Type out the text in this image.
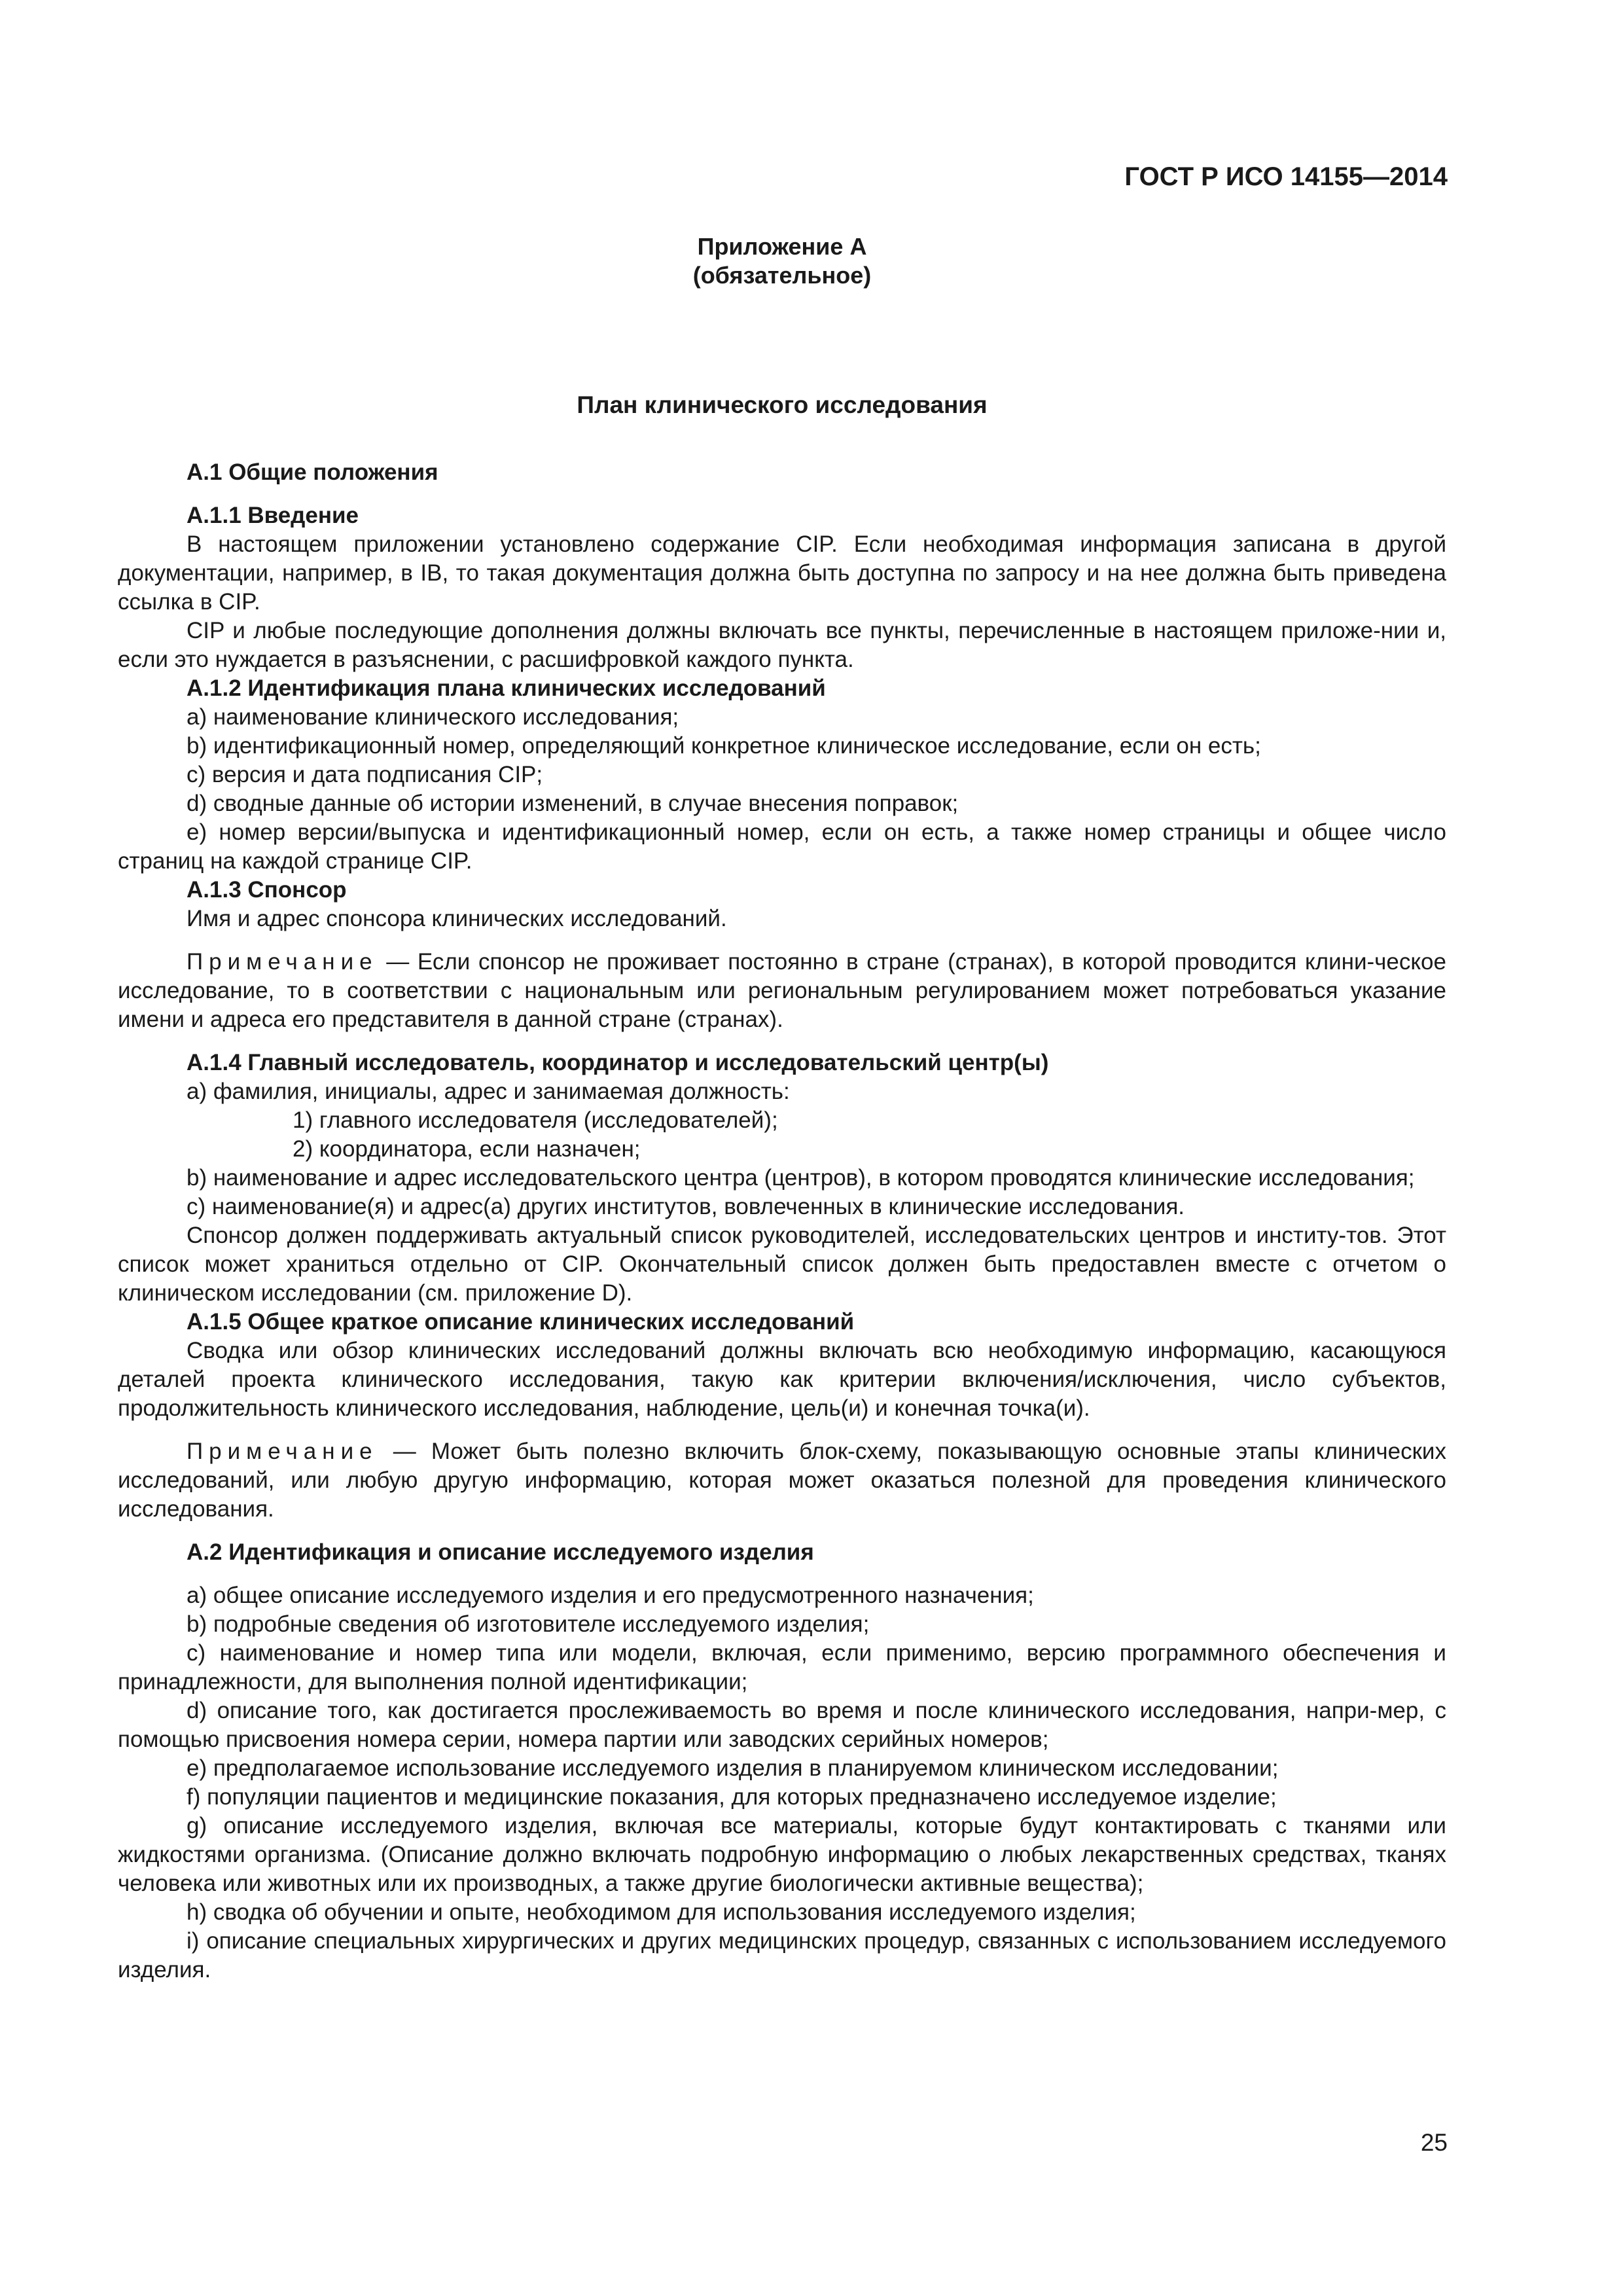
ГОСТ Р ИСО 14155—2014
Приложение А
(обязательное)
План клинического исследования

А.1 Общие положения

А.1.1 Введение

В настоящем приложении установлено содержание CIP. Если необходимая информация записана в другой документации, например, в IB, то такая документация должна быть доступна по запросу и на нее должна быть приведена ссылка в CIP.

CIP и любые последующие дополнения должны включать все пункты, перечисленные в настоящем приложе-нии и, если это нуждается в разъяснении, с расшифровкой каждого пункта.

А.1.2 Идентификация плана клинических исследований

а) наименование клинического исследования;

b) идентификационный номер, определяющий конкретное клиническое исследование, если он есть;

с) версия и дата подписания CIP;

d) сводные данные об истории изменений, в случае внесения поправок;

е) номер версии/выпуска и идентификационный номер, если он есть, а также номер страницы и общее число страниц на каждой странице CIP.

А.1.3 Спонсор

Имя и адрес спонсора клинических исследований.

Примечание — Если спонсор не проживает постоянно в стране (странах), в которой проводится клини-ческое исследование, то в соответствии с национальным или региональным регулированием может потребоваться указание имени и адреса его представителя в данной стране (странах).

А.1.4 Главный исследователь, координатор и исследовательский центр(ы)

а) фамилия, инициалы, адрес и занимаемая должность:

1) главного исследователя (исследователей);

2) координатора, если назначен;

b) наименование и адрес исследовательского центра (центров), в котором проводятся клинические исследования;

с) наименование(я) и адрес(а) других институтов, вовлеченных в клинические исследования.

Спонсор должен поддерживать актуальный список руководителей, исследовательских центров и институ-тов. Этот список может храниться отдельно от CIP. Окончательный список должен быть предоставлен вместе с отчетом о клиническом исследовании (см. приложение D).

А.1.5 Общее краткое описание клинических исследований

Сводка или обзор клинических исследований должны включать всю необходимую информацию, касающуюся деталей проекта клинического исследования, такую как критерии включения/исключения, число субъектов, продолжительность клинического исследования, наблюдение, цель(и) и конечная точка(и).

Примечание — Может быть полезно включить блок-схему, показывающую основные этапы клинических исследований, или любую другую информацию, которая может оказаться полезной для проведения клинического исследования.

А.2 Идентификация и описание исследуемого изделия

а) общее описание исследуемого изделия и его предусмотренного назначения;

b) подробные сведения об изготовителе исследуемого изделия;

с) наименование и номер типа или модели, включая, если применимо, версию программного обеспечения и принадлежности, для выполнения полной идентификации;

d) описание того, как достигается прослеживаемость во время и после клинического исследования, напри-мер, с помощью присвоения номера серии, номера партии или заводских серийных номеров;

е) предполагаемое использование исследуемого изделия в планируемом клиническом исследовании;

f) популяции пациентов и медицинские показания, для которых предназначено исследуемое изделие;

g) описание исследуемого изделия, включая все материалы, которые будут контактировать с тканями или жидкостями организма. (Описание должно включать подробную информацию о любых лекарственных средствах, тканях человека или животных или их производных, а также другие биологически активные вещества);

h) сводка об обучении и опыте, необходимом для использования исследуемого изделия;

i) описание специальных хирургических и других медицинских процедур, связанных с использованием исследуемого изделия.

25
